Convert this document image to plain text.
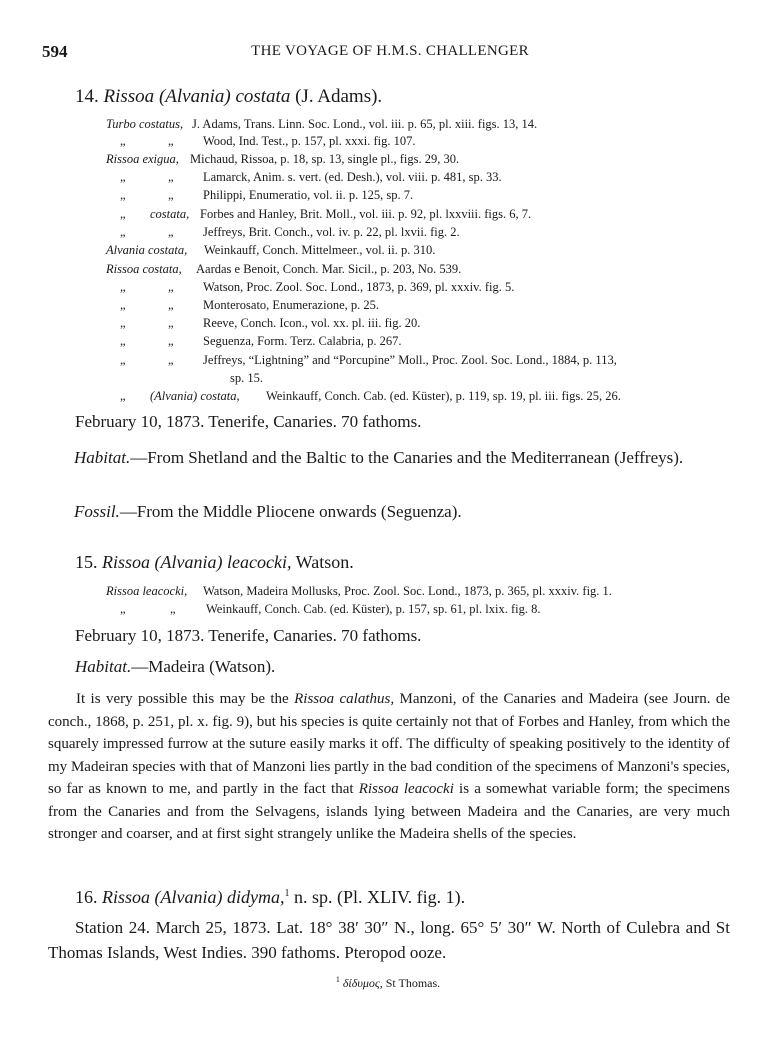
594	THE VOYAGE OF H.M.S. CHALLENGER
14. Rissoa (Alvania) costata (J. Adams).
Turbo costatus, J. Adams, Trans. Linn. Soc. Lond., vol. iii. p. 65, pl. xiii. figs. 13, 14.
„	„ Wood, Ind. Test., p. 157, pl. xxxi. fig. 107.
Rissoa exigua, Michaud, Rissoa, p. 18, sp. 13, single pl., figs. 29, 30.
„	„ Lamarck, Anim. s. vert. (ed. Desh.), vol. viii. p. 481, sp. 33.
„	„ Philippi, Enumeratio, vol. ii. p. 125, sp. 7.
„ costata, Forbes and Hanley, Brit. Moll., vol. iii. p. 92, pl. lxxviii. figs. 6, 7.
„	„ Jeffreys, Brit. Conch., vol. iv. p. 22, pl. lxvii. fig. 2.
Alvania costata, Weinkauff, Conch. Mittelmeer., vol. ii. p. 310.
Rissoa costata, Aardas e Benoit, Conch. Mar. Sicil., p. 203, No. 539.
„	„ Watson, Proc. Zool. Soc. Lond., 1873, p. 369, pl. xxxiv. fig. 5.
„	„ Monterosato, Enumerazione, p. 25.
„	„ Reeve, Conch. Icon., vol. xx. pl. iii. fig. 20.
„	„ Seguenza, Form. Terz. Calabria, p. 267.
„	„ Jeffreys, “Lightning” and “Porcupine” Moll., Proc. Zool. Soc. Lond., 1884, p. 113,
sp. 15.
„ (Alvania) costata, Weinkauff, Conch. Cab. (ed. Küster), p. 119, sp. 19, pl. iii. figs. 25, 26.
February 10, 1873. Tenerife, Canaries. 70 fathoms.
Habitat.—From Shetland and the Baltic to the Canaries and the Mediterranean (Jeffreys).
Fossil.—From the Middle Pliocene onwards (Seguenza).
15. Rissoa (Alvania) leacocki, Watson.
Rissoa leacocki, Watson, Madeira Mollusks, Proc. Zool. Soc. Lond., 1873, p. 365, pl. xxxiv. fig. 1.
„	„ Weinkauff, Conch. Cab. (ed. Küster), p. 157, sp. 61, pl. lxix. fig. 8.
February 10, 1873. Tenerife, Canaries. 70 fathoms.
Habitat.—Madeira (Watson).
It is very possible this may be the Rissoa calathus, Manzoni, of the Canaries and Madeira (see Journ. de conch., 1868, p. 251, pl. x. fig. 9), but his species is quite certainly not that of Forbes and Hanley, from which the squarely impressed furrow at the suture easily marks it off. The difficulty of speaking positively to the identity of my Madeiran species with that of Manzoni lies partly in the bad condition of the specimens of Manzoni's species, so far as known to me, and partly in the fact that Rissoa leacocki is a somewhat variable form; the specimens from the Canaries and from the Selvagens, islands lying between Madeira and the Canaries, are very much stronger and coarser, and at first sight strangely unlike the Madeira shells of the species.
16. Rissoa (Alvania) didyma,$^1$ n. sp. (Pl. XLIV. fig. 1).
Station 24. March 25, 1873. Lat. 18° 38′ 30″ N., long. 65° 5′ 30″ W. North of Culebra and St Thomas Islands, West Indies. 390 fathoms. Pteropod ooze.
$^1$ δίδυμος, St Thomas.
